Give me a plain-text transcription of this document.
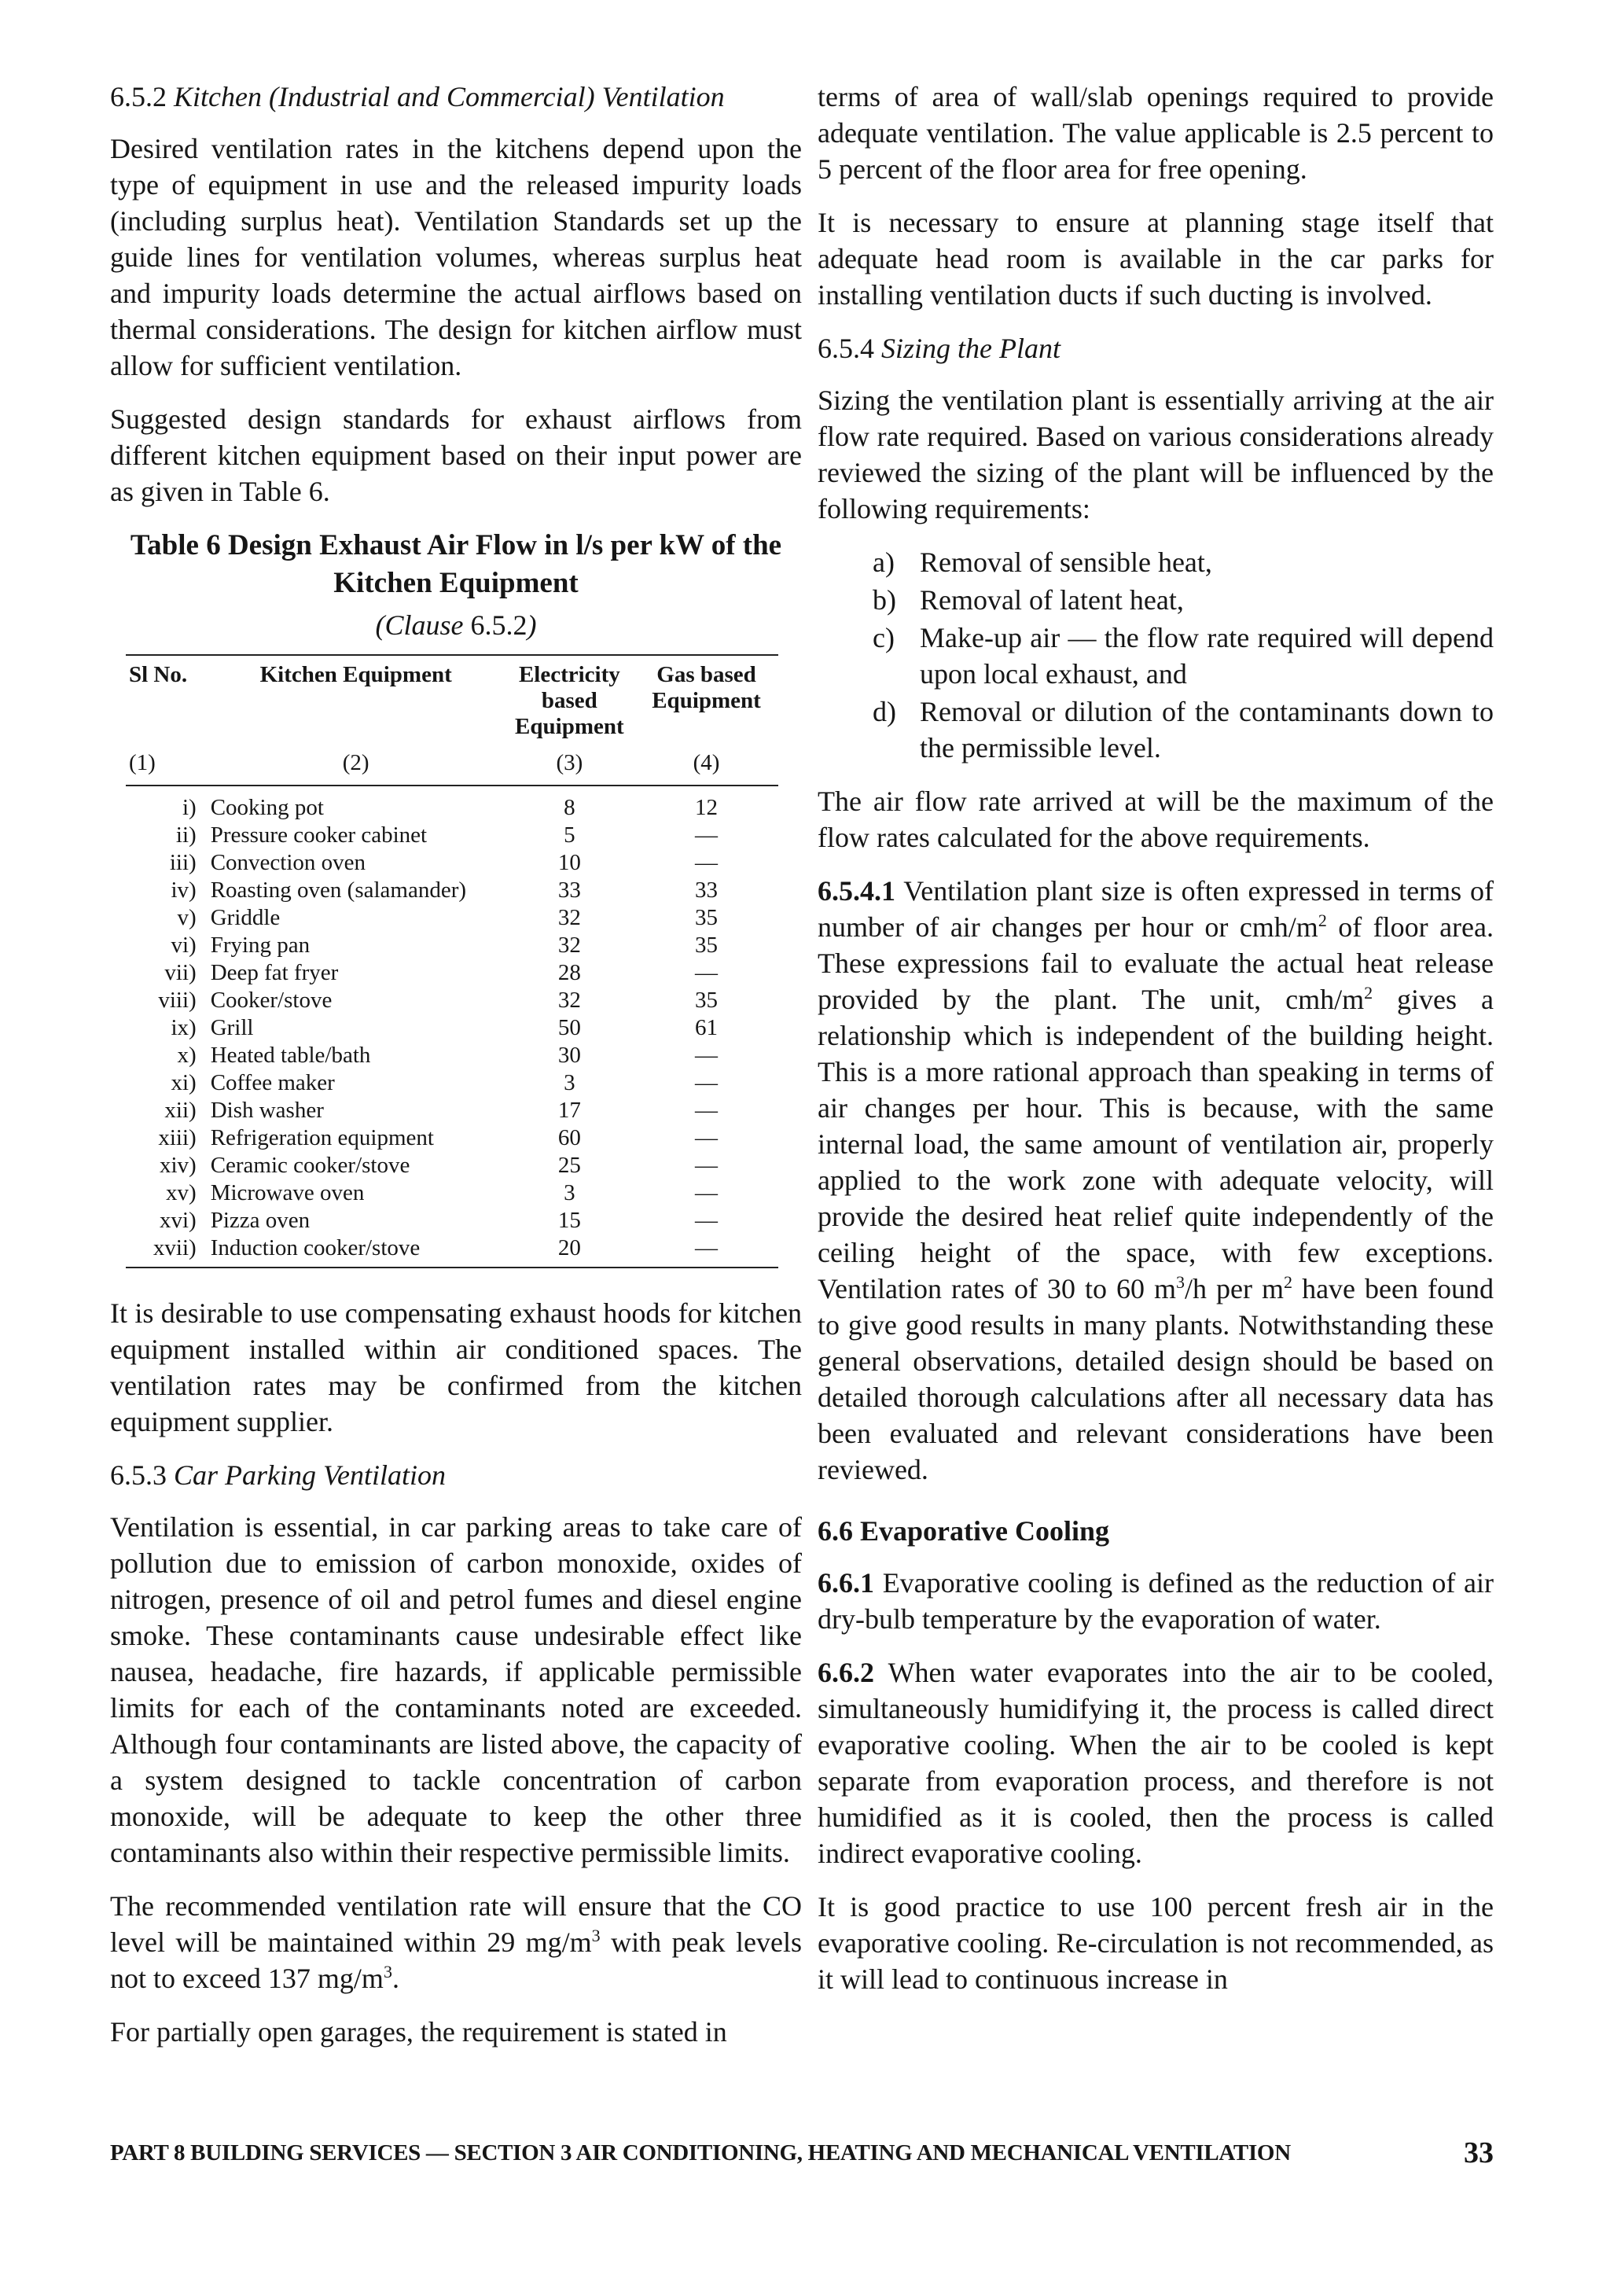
6.5.2 Kitchen (Industrial and Commercial) Ventilation

Desired ventilation rates in the kitchens depend upon the type of equipment in use and the released impurity loads (including surplus heat). Ventilation Standards set up the guide lines for ventilation volumes, whereas surplus heat and impurity loads determine the actual airflows based on thermal considerations. The design for kitchen airflow must allow for sufficient ventilation.

Suggested design standards for exhaust airflows from different kitchen equipment based on their input power are as given in Table 6.

Table 6 Design Exhaust Air Flow in l/s per kW of the Kitchen Equipment
(Clause 6.5.2)
Sl No.	Kitchen Equipment	Electricity based Equipment	Gas based Equipment
(1)	(2)	(3)	(4)
i)	Cooking pot	8	12
ii)	Pressure cooker cabinet	5	—
iii)	Convection oven	10	—
iv)	Roasting oven (salamander)	33	33
v)	Griddle	32	35
vi)	Frying pan	32	35
vii)	Deep fat fryer	28	—
viii)	Cooker/stove	32	35
ix)	Grill	50	61
x)	Heated table/bath	30	—
xi)	Coffee maker	3	—
xii)	Dish washer	17	—
xiii)	Refrigeration equipment	60	—
xiv)	Ceramic cooker/stove	25	—
xv)	Microwave oven	3	—
xvi)	Pizza oven	15	—
xvii)	Induction cooker/stove	20	—

It is desirable to use compensating exhaust hoods for kitchen equipment installed within air conditioned spaces. The ventilation rates may be confirmed from the kitchen equipment supplier.

6.5.3 Car Parking Ventilation

Ventilation is essential, in car parking areas to take care of pollution due to emission of carbon monoxide, oxides of nitrogen, presence of oil and petrol fumes and diesel engine smoke. These contaminants cause undesirable effect like nausea, headache, fire hazards, if applicable permissible limits for each of the contaminants noted are exceeded. Although four contaminants are listed above, the capacity of a system designed to tackle concentration of carbon monoxide, will be adequate to keep the other three contaminants also within their respective permissible limits.

The recommended ventilation rate will ensure that the CO level will be maintained within 29 $mg/m^3$ with peak levels not to exceed 137 $mg/m^3$.

For partially open garages, the requirement is stated in

terms of area of wall/slab openings required to provide adequate ventilation. The value applicable is 2.5 percent to 5 percent of the floor area for free opening.

It is necessary to ensure at planning stage itself that adequate head room is available in the car parks for installing ventilation ducts if such ducting is involved.

6.5.4 Sizing the Plant

Sizing the ventilation plant is essentially arriving at the air flow rate required. Based on various considerations already reviewed the sizing of the plant will be influenced by the following requirements:

a) Removal of sensible heat,
b) Removal of latent heat,
c) Make-up air — the flow rate required will depend upon local exhaust, and
d) Removal or dilution of the contaminants down to the permissible level.

The air flow rate arrived at will be the maximum of the flow rates calculated for the above requirements.

6.5.4.1 Ventilation plant size is often expressed in terms of number of air changes per hour or cmh/$m^2$ of floor area. These expressions fail to evaluate the actual heat release provided by the plant. The unit, cmh/$m^2$ gives a relationship which is independent of the building height. This is a more rational approach than speaking in terms of air changes per hour. This is because, with the same internal load, the same amount of ventilation air, properly applied to the work zone with adequate velocity, will provide the desired heat relief quite independently of the ceiling height of the space, with few exceptions. Ventilation rates of 30 to 60 $m^3/h$ per $m^2$ have been found to give good results in many plants. Notwithstanding these general observations, detailed design should be based on detailed thorough calculations after all necessary data has been evaluated and relevant considerations have been reviewed.

6.6 Evaporative Cooling

6.6.1 Evaporative cooling is defined as the reduction of air dry-bulb temperature by the evaporation of water.

6.6.2 When water evaporates into the air to be cooled, simultaneously humidifying it, the process is called direct evaporative cooling. When the air to be cooled is kept separate from evaporation process, and therefore is not humidified as it is cooled, then the process is called indirect evaporative cooling.

It is good practice to use 100 percent fresh air in the evaporative cooling. Re-circulation is not recommended, as it will lead to continuous increase in

PART 8 BUILDING SERVICES — SECTION 3 AIR CONDITIONING, HEATING AND MECHANICAL VENTILATION	33
